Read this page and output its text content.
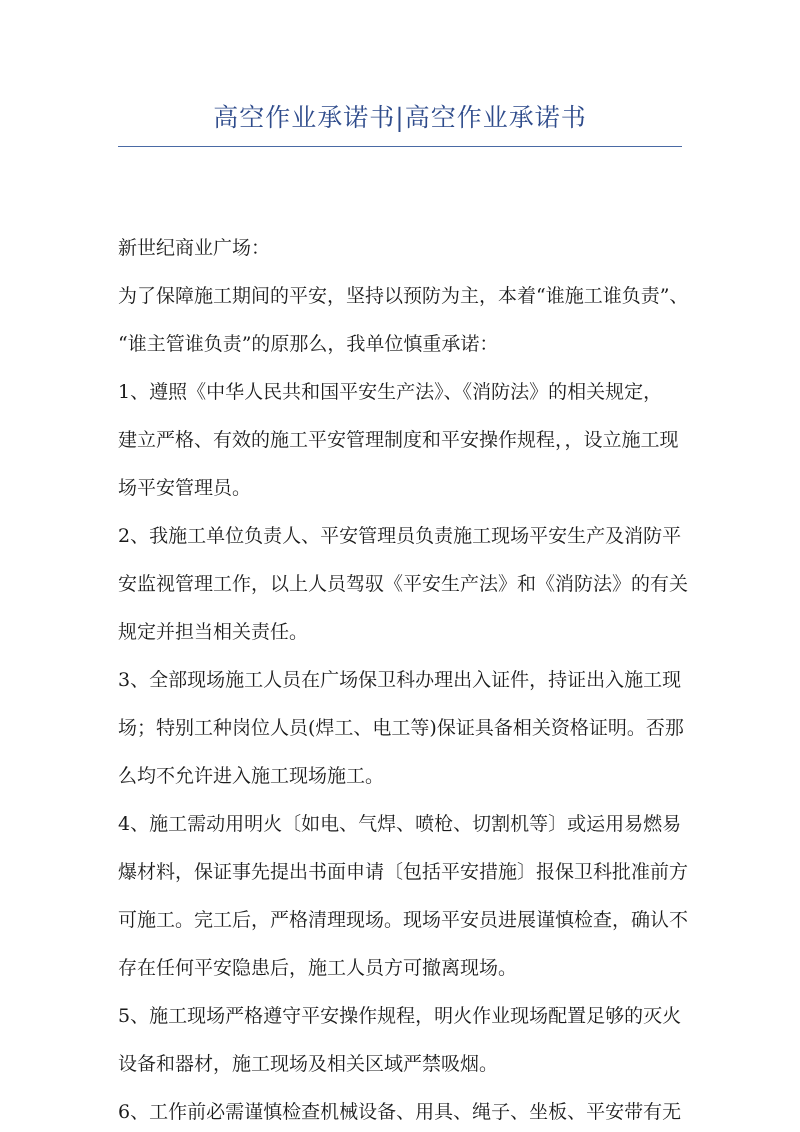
高空作业承诺书|高空作业承诺书
新世纪商业广场：
为了保障施工期间的平安，坚持以预防为主，本着“谁施工谁负责”、
“谁主管谁负责”的原那么，我单位慎重承诺：
1、遵照《中华人民共和国平安生产法》、《消防法》的相关规定，
建立严格、有效的施工平安管理制度和平安操作规程，，设立施工现
场平安管理员。
2、我施工单位负责人、平安管理员负责施工现场平安生产及消防平
安监视管理工作，以上人员驾驭《平安生产法》和《消防法》的有关
规定并担当相关责任。
3、全部现场施工人员在广场保卫科办理出入证件，持证出入施工现
场；特别工种岗位人员(焊工、电工等)保证具备相关资格证明。否那
么均不允许进入施工现场施工。
4、施工需动用明火〔如电、气焊、喷枪、切割机等〕或运用易燃易
爆材料，保证事先提出书面申请〔包括平安措施〕报保卫科批准前方
可施工。完工后，严格清理现场。现场平安员进展谨慎检查，确认不
存在任何平安隐患后，施工人员方可撤离现场。
5、施工现场严格遵守平安操作规程，明火作业现场配置足够的灭火
设备和器材，施工现场及相关区域严禁吸烟。
6、工作前必需谨慎检查机械设备、用具、绳子、坐板、平安带有无
